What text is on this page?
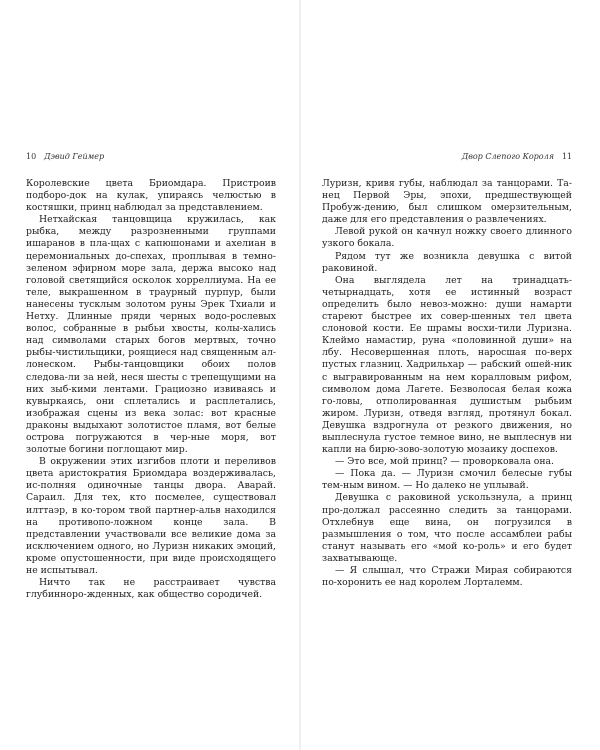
10 Дэвид Геймер

Королевские цвета Бриомдара. Пристроив подборо-док на кулак, упираясь челюстью в костяшки, принц наблюдал за представлением.

Нетхайская танцовщица кружилась, как рыбка, между разрозненными группами ишаранов в пла-щах с капюшонами и ахелиан в церемониальных до-спехах, проплывая в темно-зеленом эфирном море зала, держа высоко над головой светящийся осколок хорреллиума. На ее теле, выкрашенном в траурный пурпур, были нанесены тусклым золотом руны Эрек Тхиали и Нетху. Длинные пряди черных водо-рослевых волос, собранные в рыбьи хвосты, колы-хались над символами старых богов мертвых, точно рыбы-чистильщики, роящиеся над священным ал-лонеском. Рыбы-танцовщики обоих полов следова-ли за ней, неся шесты с трепещущими на них зыб-кими лентами. Грациозно извиваясь и кувыркаясь, они сплетались и расплетались, изображая сцены из века золас: вот красные драконы выдыхают золотистое пламя, вот белые острова погружаются в чер-ные моря, вот золотые богини поглощают мир.

В окружении этих изгибов плоти и переливов цвета аристократия Бриомдара воздерживалась, ис-полняя одиночные танцы двора. Аварай. Сараил. Для тех, кто посмелее, существовал илттаэр, в ко-тором твой партнер-альв находился на противопо-ложном конце зала. В представлении участвовали все великие дома за исключением одного, но Луризн никаких эмоций, кроме опустошенности, при виде происходящего не испытывал.

Ничто так не расстраивает чувства глубинноро-жденных, как общество сородичей.

Двор Слепого Короля 11

Луризн, кривя губы, наблюдал за танцорами. Та-нец Первой Эры, эпохи, предшествующей Пробуж-дению, был слишком омерзительным, даже для его представления о развлечениях.

Левой рукой он качнул ножку своего длинного узкого бокала.

Рядом тут же возникла девушка с витой раковиной.

Она выглядела лет на тринадцать-четырнадцать, хотя ее истинный возраст определить было невоз-можно: души намарти стареют быстрее их совер-шенных тел цвета слоновой кости. Ее шрамы восхи-тили Луризна. Клеймо намастир, руна «половинной души» на лбу. Несовершенная плоть, наросшая по-верх пустых глазниц. Хадрильхар — рабский ошей-ник с выгравированным на нем коралловым рифом, символом дома Лагете. Безволосая белая кожа го-ловы, отполированная душистым рыбьим жиром. Луризн, отведя взгляд, протянул бокал. Девушка вздрогнула от резкого движения, но выплеснула густое темное вино, не выплеснув ни капли на бирю-зово-золотую мозаику доспехов.

— Это все, мой принц? — проворковала она.

— Пока да. — Луризн смочил белесые губы тем-ным вином. — Но далеко не уплывай.

Девушка с раковиной ускользнула, а принц про-должал рассеянно следить за танцорами. Отхлебнув еще вина, он погрузился в размышления о том, что после ассамблеи рабы станут называть его «мой ко-роль» и его будет захватывающе.

— Я слышал, что Стражи Мирая собираются по-хоронить ее над королем Лорталемм.
